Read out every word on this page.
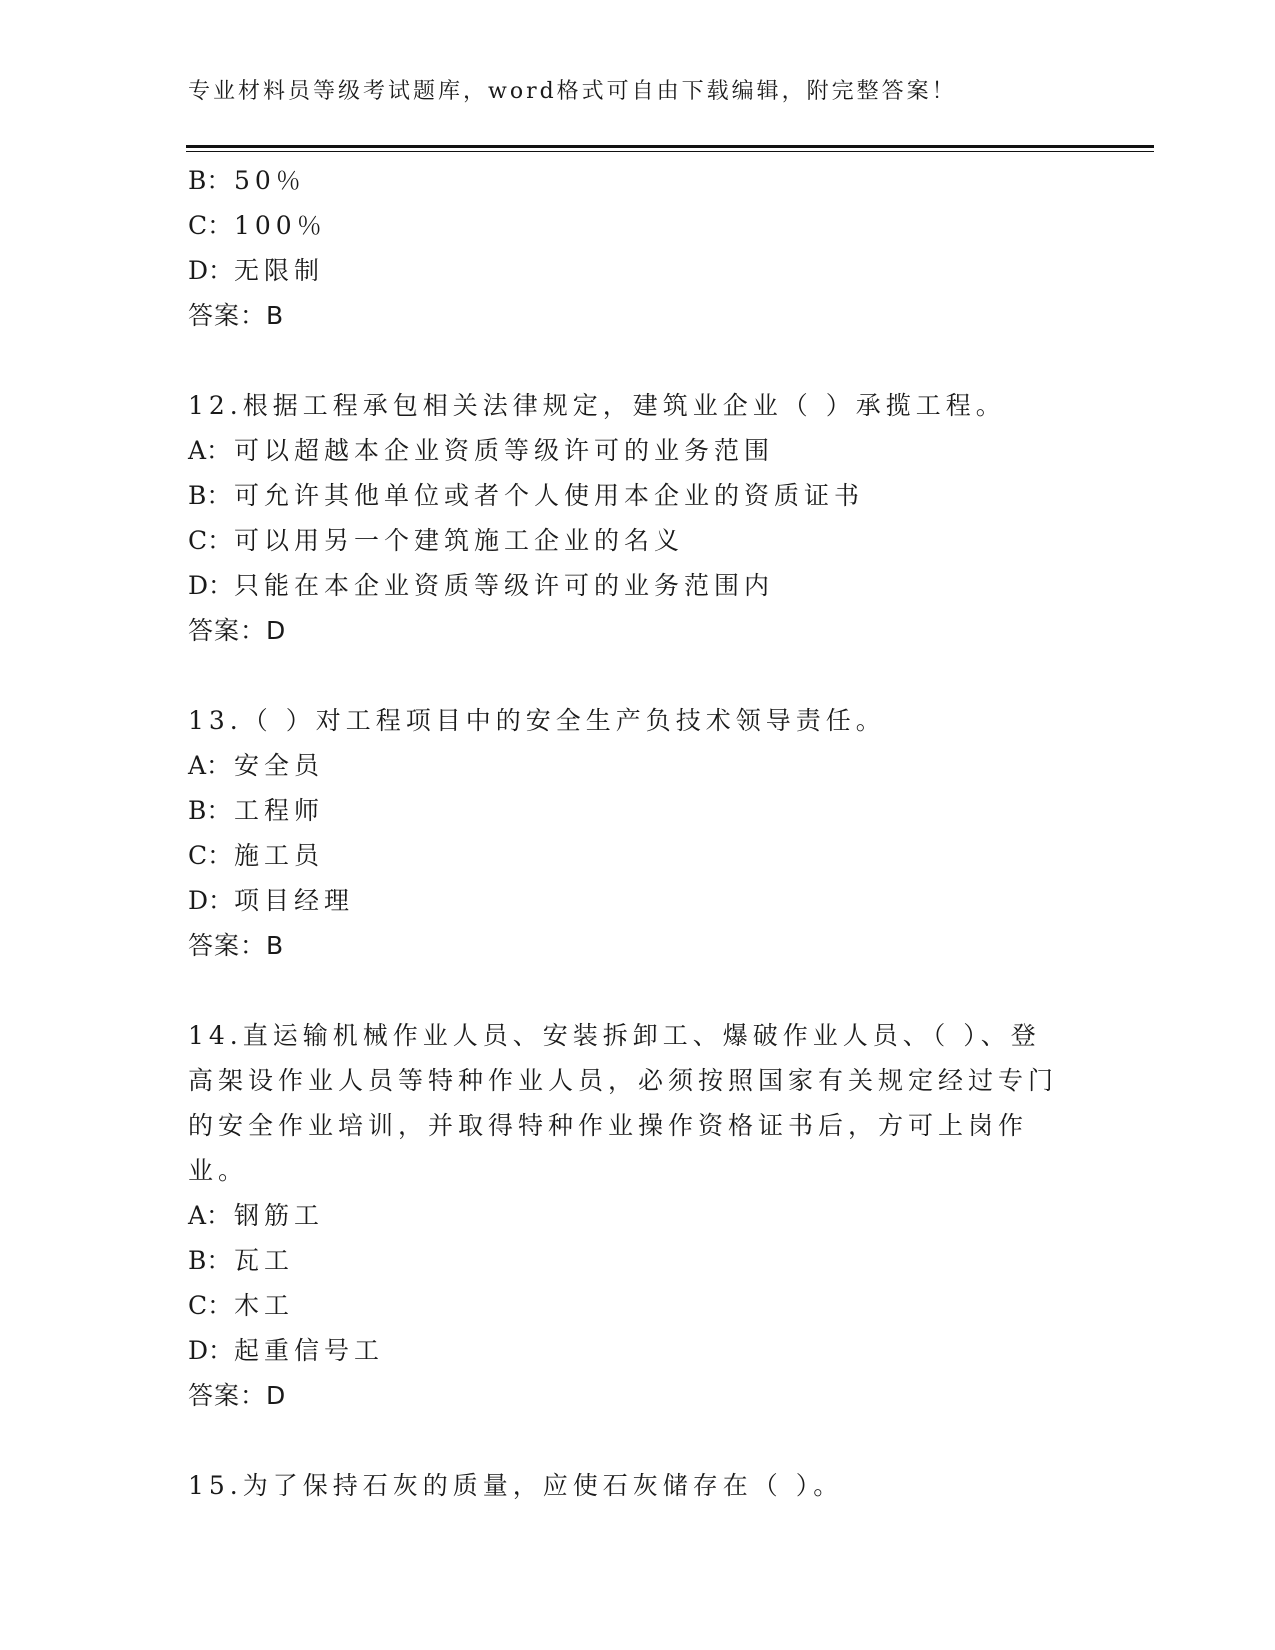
专业材料员等级考试题库，word格式可自由下载编辑，附完整答案！
B： 50％
C：100％
D：无限制
答案：B
12.根据工程承包相关法律规定，建筑业企业（ ）承揽工程。
A： 可以超越本企业资质等级许可的业务范围
B： 可允许其他单位或者个人使用本企业的资质证书
C：可以用另一个建筑施工企业的名义
D：只能在本企业资质等级许可的业务范围内
答案：D
13.（ ）对工程项目中的安全生产负技术领导责任。
A： 安全员
B： 工程师
C：施工员
D：项目经理
答案：B
14.直运输机械作业人员、安装拆卸工、爆破作业人员、（ ）、登高架设作业人员等特种作业人员，必须按照国家有关规定经过专门的安全作业培训，并取得特种作业操作资格证书后，方可上岗作业。
A： 钢筋工
B： 瓦工
C：木工
D：起重信号工
答案：D
15.为了保持石灰的质量，应使石灰储存在（ ）。
